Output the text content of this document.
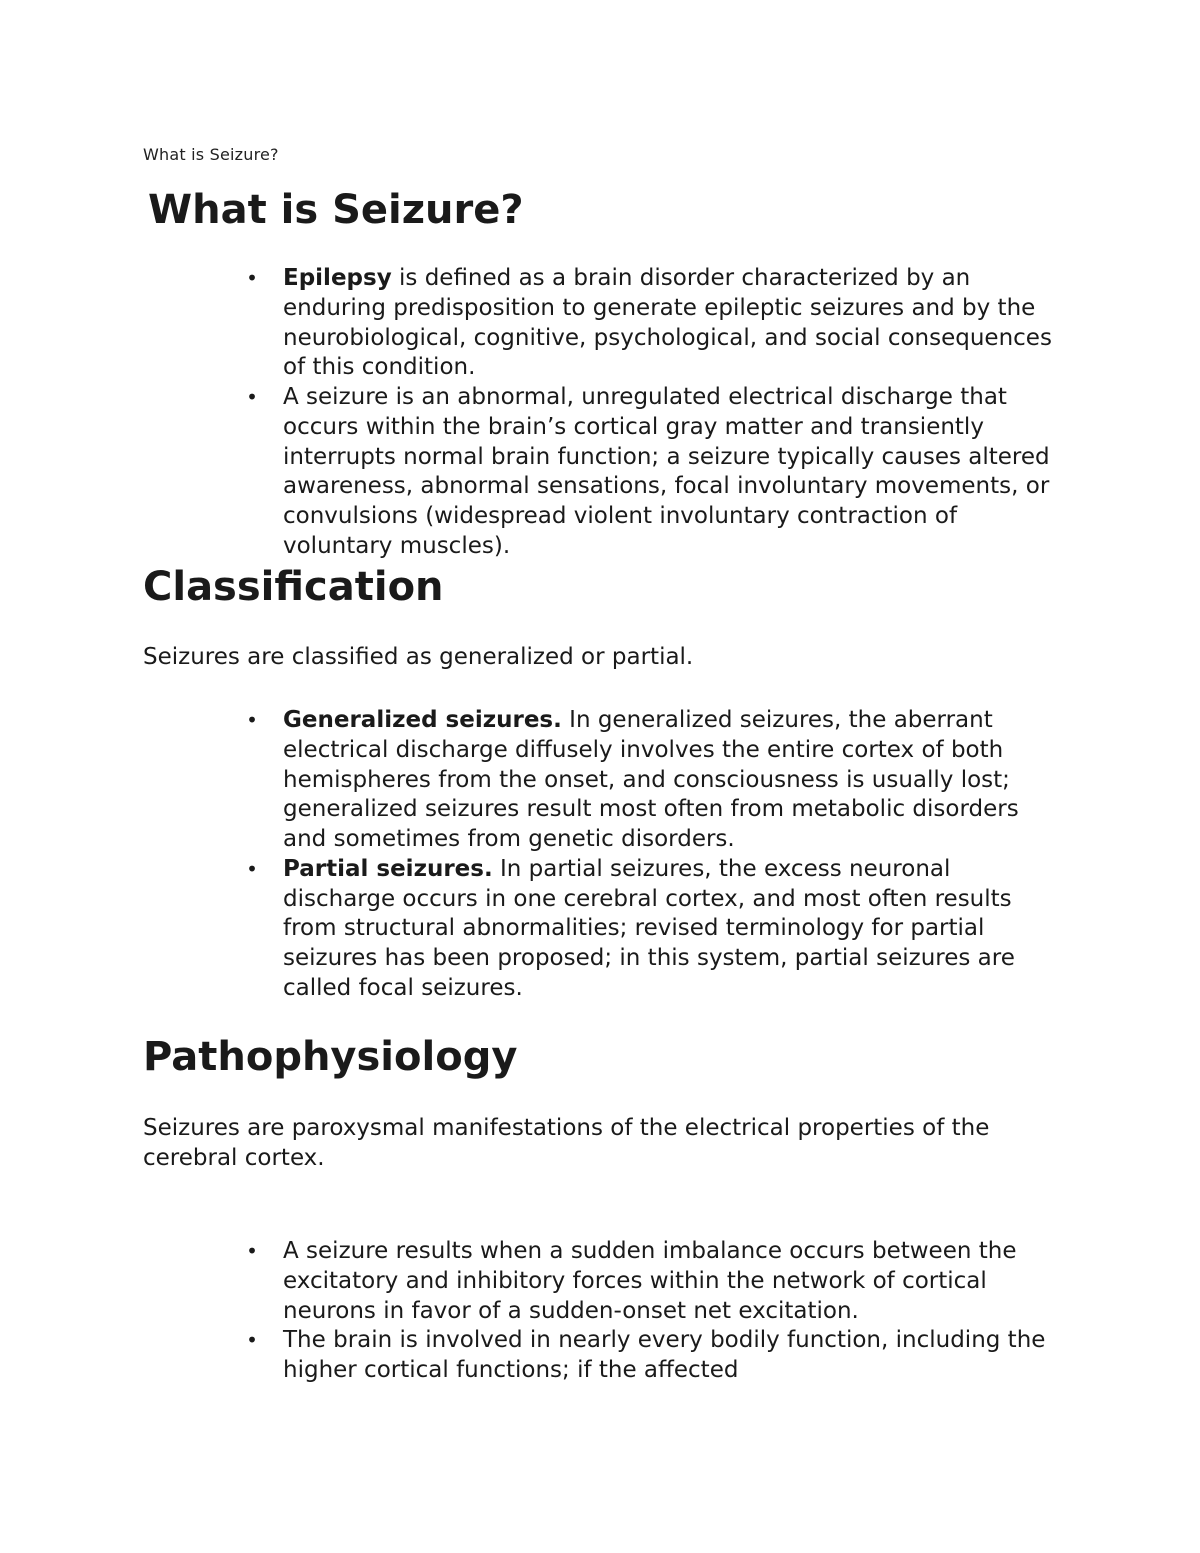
What is Seizure?
What is Seizure?
• Epilepsy is defined as a brain disorder characterized by an enduring predisposition to generate epileptic seizures and by the neurobiological, cognitive, psychological, and social consequences of this condition.
• A seizure is an abnormal, unregulated electrical discharge that occurs within the brain’s cortical gray matter and transiently interrupts normal brain function; a seizure typically causes altered awareness, abnormal sensations, focal involuntary movements, or convulsions (widespread violent involuntary contraction of voluntary muscles).
Classification

Seizures are classified as generalized or partial.

• Generalized seizures. In generalized seizures, the aberrant electrical discharge diffusely involves the entire cortex of both hemispheres from the onset, and consciousness is usually lost; generalized seizures result most often from metabolic disorders and sometimes from genetic disorders.
• Partial seizures. In partial seizures, the excess neuronal discharge occurs in one cerebral cortex, and most often results from structural abnormalities; revised terminology for partial seizures has been proposed; in this system, partial seizures are called focal seizures.
Pathophysiology

Seizures are paroxysmal manifestations of the electrical properties of the cerebral cortex.

• A seizure results when a sudden imbalance occurs between the excitatory and inhibitory forces within the network of cortical neurons in favor of a sudden-onset net excitation.
• The brain is involved in nearly every bodily function, including the higher cortical functions; if the affected
